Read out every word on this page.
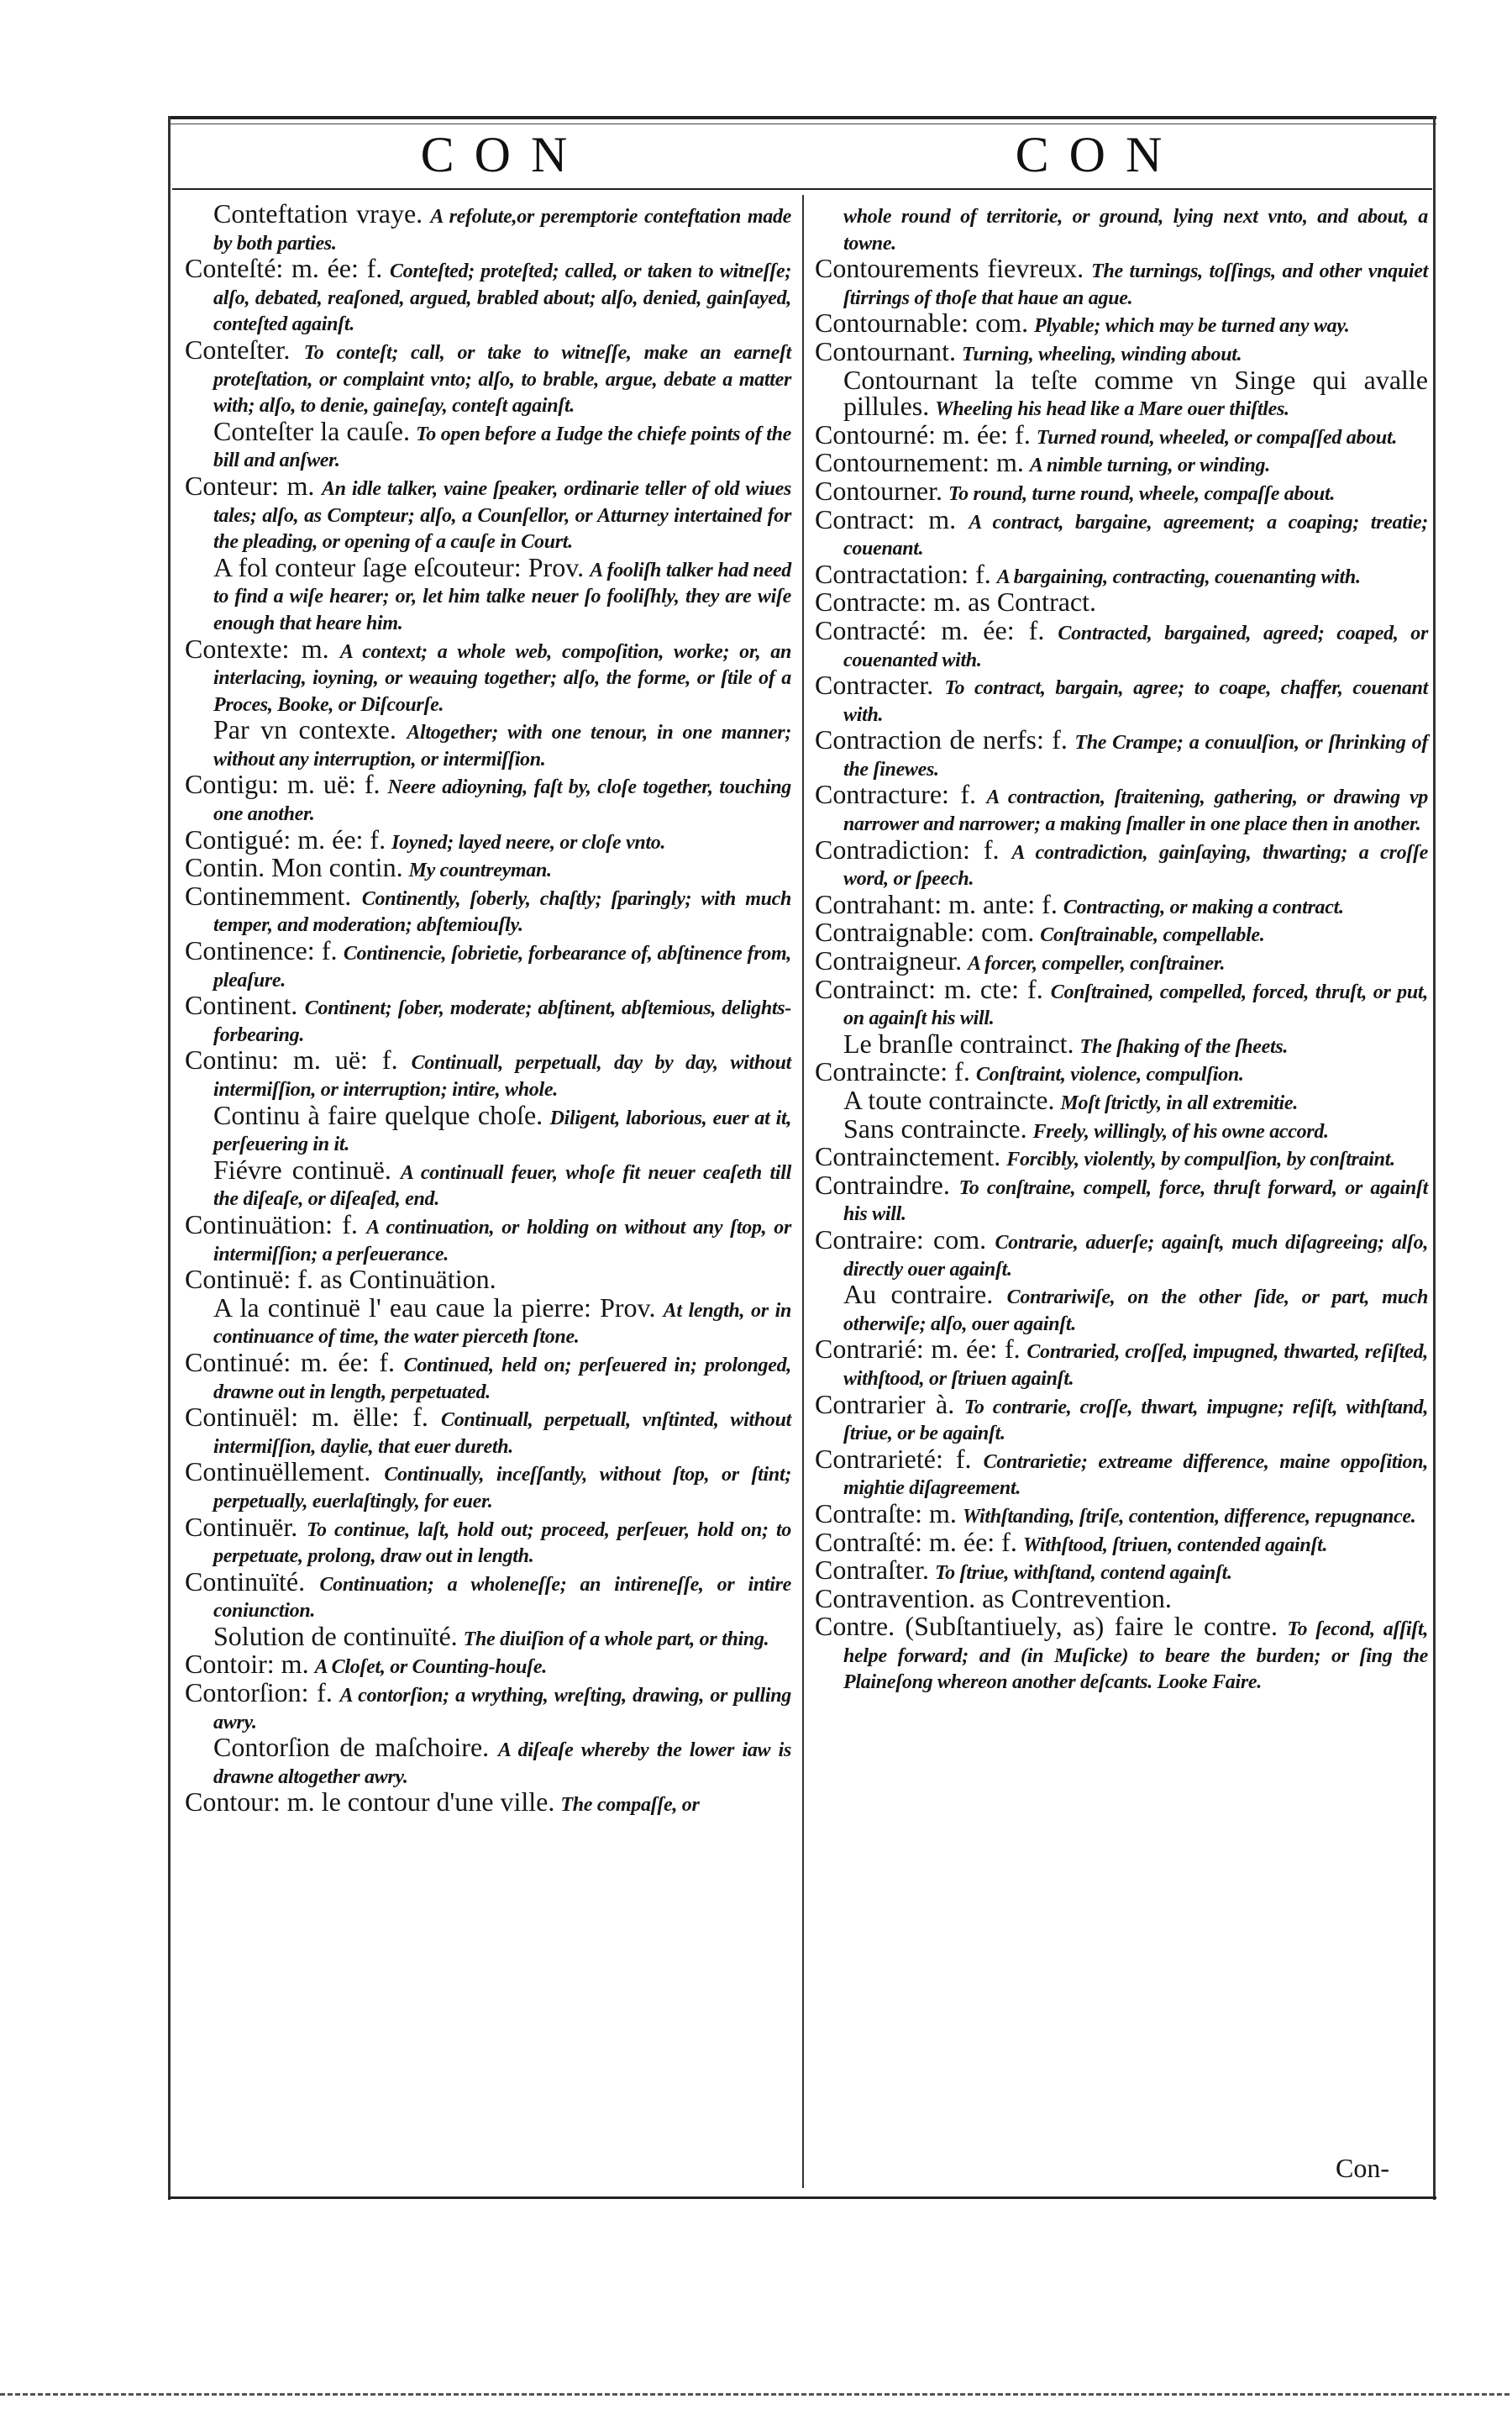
CON	CON

Conteftation vraye. A refolute,or peremptorie conteftation made by both parties.

Conteſté: m. ée: f. Conteſted; proteſted; called, or taken to witneſſe; alſo, debated, reaſoned, argued, brabled about; alſo, denied, gainſayed, conteſted againſt.

Conteſter. To conteſt; call, or take to witneſſe, make an earneſt proteſtation, or complaint vnto; alſo, to brable, argue, debate a matter with; alſo, to denie, gaineſay, conteſt againſt.

Conteſter la cauſe. To open before a Iudge the chiefe points of the bill and anſwer.

Conteur: m. An idle talker, vaine ſpeaker, ordinarie teller of old wiues tales; alſo, as Compteur; alſo, a Counſellor, or Atturney intertained for the pleading, or opening of a cauſe in Court.

A fol conteur ſage eſcouteur: Prov. A fooliſh talker had need to find a wiſe hearer; or, let him talke neuer ſo fooliſhly, they are wiſe enough that heare him.

Contexte: m. A context; a whole web, compoſition, worke; or, an interlacing, ioyning, or weauing together; alſo, the forme, or ſtile of a Proces, Booke, or Diſcourſe.

Par vn contexte. Altogether; with one tenour, in one manner; without any interruption, or intermiſſion.

Contigu: m. uë: f. Neere adioyning, faſt by, cloſe together, touching one another.

Contigué: m. ée: f. Ioyned; layed neere, or cloſe vnto.

Contin. Mon contin. My countreyman.

Continemment. Continently, ſoberly, chaſtly; ſparingly; with much temper, and moderation; abſtemiouſly.

Continence: f. Continencie, ſobrietie, forbearance of, abſtinence from, pleaſure.

Continent. Continent; ſober, moderate; abſtinent, abſtemious, delights-forbearing.

Continu: m. uë: f. Continuall, perpetuall, day by day, without intermiſſion, or interruption; intire, whole.

Continu à faire quelque choſe. Diligent, laborious, euer at it, perſeuering in it.

Fiévre continuë. A continuall feuer, whoſe fit neuer ceaſeth till the diſeaſe, or diſeaſed, end.

Continuätion: f. A continuation, or holding on without any ſtop, or intermiſſion; a perſeuerance.

Continuë: f. as Continuätion.

A la continuë l' eau caue la pierre: Prov. At length, or in continuance of time, the water pierceth ſtone.

Continué: m. ée: f. Continued, held on; perſeuered in; prolonged, drawne out in length, perpetuated.

Continuël: m. ëlle: f. Continuall, perpetuall, vnſtinted, without intermiſſion, daylie, that euer dureth.

Continuëllement. Continually, inceſſantly, without ſtop, or ſtint; perpetually, euerlaſtingly, for euer.

Continuër. To continue, laſt, hold out; proceed, perſeuer, hold on; to perpetuate, prolong, draw out in length.

Continuïté. Continuation; a wholeneſſe; an intireneſſe, or intire coniunction.

Solution de continuïté. The diuiſion of a whole part, or thing.

Contoir: m. A Cloſet, or Counting-houſe.

Contorſion: f. A contorſion; a wrything, wreſting, drawing, or pulling awry.

Contorſion de maſchoire. A diſeaſe whereby the lower iaw is drawne altogether awry.

Contour: m. le contour d'une ville. The compaſſe, or

whole round of territorie, or ground, lying next vnto, and about, a towne.

Contourements fievreux. The turnings, toſſings, and other vnquiet ſtirrings of thoſe that haue an ague.

Contournable: com. Plyable; which may be turned any way.

Contournant. Turning, wheeling, winding about.

Contournant la teſte comme vn Singe qui avalle pillules. Wheeling his head like a Mare ouer thiſtles.

Contourné: m. ée: f. Turned round, wheeled, or compaſſed about.

Contournement: m. A nimble turning, or winding.

Contourner. To round, turne round, wheele, compaſſe about.

Contract: m. A contract, bargaine, agreement; a coaping; treatie; couenant.

Contractation: f. A bargaining, contracting, couenanting with.

Contracte: m. as Contract.

Contracté: m. ée: f. Contracted, bargained, agreed; coaped, or couenanted with.

Contracter. To contract, bargain, agree; to coape, chaffer, couenant with.

Contraction de nerfs: f. The Crampe; a conuulſion, or ſhrinking of the ſinewes.

Contracture: f. A contraction, ſtraitening, gathering, or drawing vp narrower and narrower; a making ſmaller in one place then in another.

Contradiction: f. A contradiction, gainſaying, thwarting; a croſſe word, or ſpeech.

Contrahant: m. ante: f. Contracting, or making a contract.

Contraignable: com. Conſtrainable, compellable.

Contraigneur. A forcer, compeller, conſtrainer.

Contrainct: m. cte: f. Conſtrained, compelled, forced, thruſt, or put, on againſt his will.

Le branſle contrainct. The ſhaking of the ſheets.

Contraincte: f. Conſtraint, violence, compulſion.

A toute contraincte. Moſt ſtrictly, in all extremitie.

Sans contraincte. Freely, willingly, of his owne accord.

Contrainctement. Forcibly, violently, by compulſion, by conſtraint.

Contraindre. To conſtraine, compell, force, thruſt forward, or againſt his will.

Contraire: com. Contrarie, aduerſe; againſt, much diſagreeing; alſo, directly ouer againſt.

Au contraire. Contrariwiſe, on the other ſide, or part, much otherwiſe; alſo, ouer againſt.

Contrarié: m. ée: f. Contraried, croſſed, impugned, thwarted, reſiſted, withſtood, or ſtriuen againſt.

Contrarier à. To contrarie, croſſe, thwart, impugne; reſiſt, withſtand, ſtriue, or be againſt.

Contrarieté: f. Contrarietie; extreame difference, maine oppoſition, mightie diſagreement.

Contraſte: m. Withſtanding, ſtriſe, contention, difference, repugnance.

Contraſté: m. ée: f. Withſtood, ſtriuen, contended againſt.

Contraſter. To ſtriue, withſtand, contend againſt.

Contravention. as Contrevention.

Contre. (Subſtantiuely, as) faire le contre. To ſecond, aſſiſt, helpe forward; and (in Muſicke) to beare the burden; or ſing the Plaineſong whereon another deſcants. Looke Faire.

Con-
